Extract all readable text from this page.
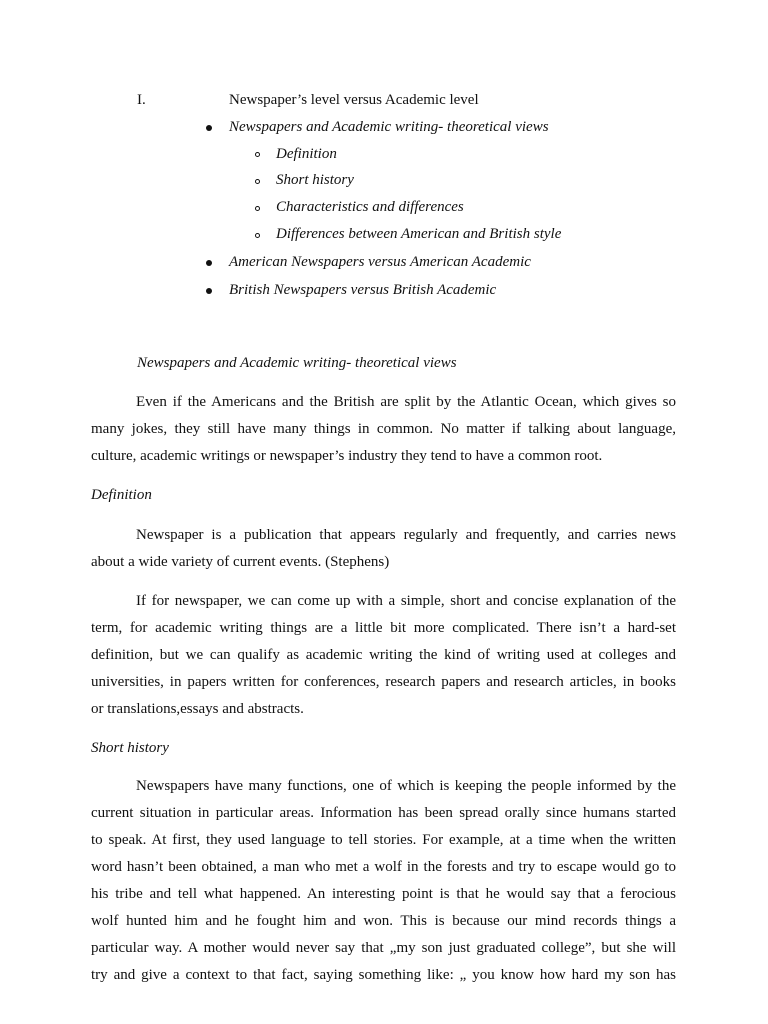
I.	Newspaper’s level versus Academic level
Newspapers and Academic writing- theoretical views
Definition
Short history
Characteristics and differences
Differences between American and British style
American Newspapers versus American Academic
British Newspapers versus British Academic
Newspapers and Academic writing- theoretical views
Even if the Americans and the British are split by the Atlantic Ocean, which gives so
many jokes, they still have many things in common. No matter if talking about language,
culture, academic writings or newspaper’s industry they tend to have a common root.
Definition
Newspaper is a publication that appears regularly and frequently, and carries news
about a wide variety of current events. (Stephens)
If for newspaper, we can come up with a simple, short and concise explanation of the
term, for academic writing things are a little bit more complicated. There isn’t a hard-set
definition, but we can qualify as academic writing the kind of writing used at colleges and
universities, in papers written for conferences, research papers and research articles, in books
or translations,essays and abstracts.
Short history
Newspapers have many functions, one of which is keeping the people informed by the
current situation in particular areas. Information has been spread orally since humans started
to speak. At first, they used language to tell stories. For example, at a time when the written
word hasn’t been obtained, a man who met a wolf in the forests and try to escape would go to
his tribe and tell what happened. An interesting point is that he would say that a ferocious
wolf hunted him and he fought him and won. This is because our mind records things a
particular way. A mother would never say that „my son just graduated college”, but she will
try and give a context to that fact, saying something like: „ you know how hard my son has
